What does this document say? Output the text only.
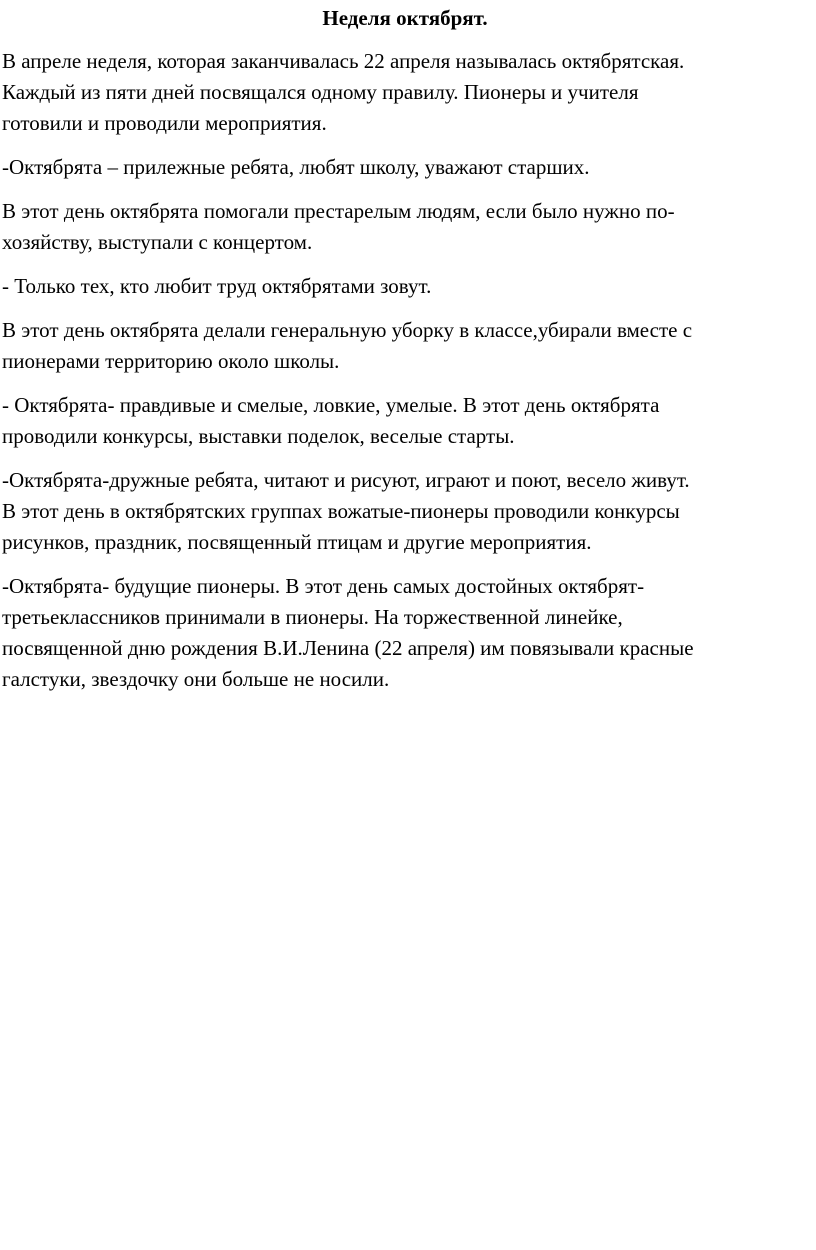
Неделя октябрят.

В апреле неделя, которая заканчивалась 22 апреля называлась октябрятская.
Каждый из пяти дней посвящался одному правилу. Пионеры и учителя
готовили и проводили мероприятия.

-Октябрята – прилежные ребята, любят школу, уважают старших.

В этот день октябрята помогали престарелым людям, если было нужно по-
хозяйству, выступали с концертом.

- Только тех, кто любит труд октябрятами зовут.

В этот день октябрята делали генеральную уборку в классе,убирали вместе с
пионерами территорию около школы.

- Октябрята- правдивые и смелые, ловкие, умелые. В этот день октябрята
проводили конкурсы, выставки поделок, веселые старты.

-Октябрята-дружные ребята, читают и рисуют, играют и поют, весело живут.
В этот день в октябрятских группах вожатые-пионеры проводили конкурсы
рисунков, праздник, посвященный птицам и другие мероприятия.

-Октябрята- будущие пионеры. В этот день самых достойных октябрят-
третьеклассников принимали в пионеры. На торжественной линейке,
посвященной дню рождения В.И.Ленина (22 апреля) им повязывали красные
галстуки, звездочку они больше не носили.
